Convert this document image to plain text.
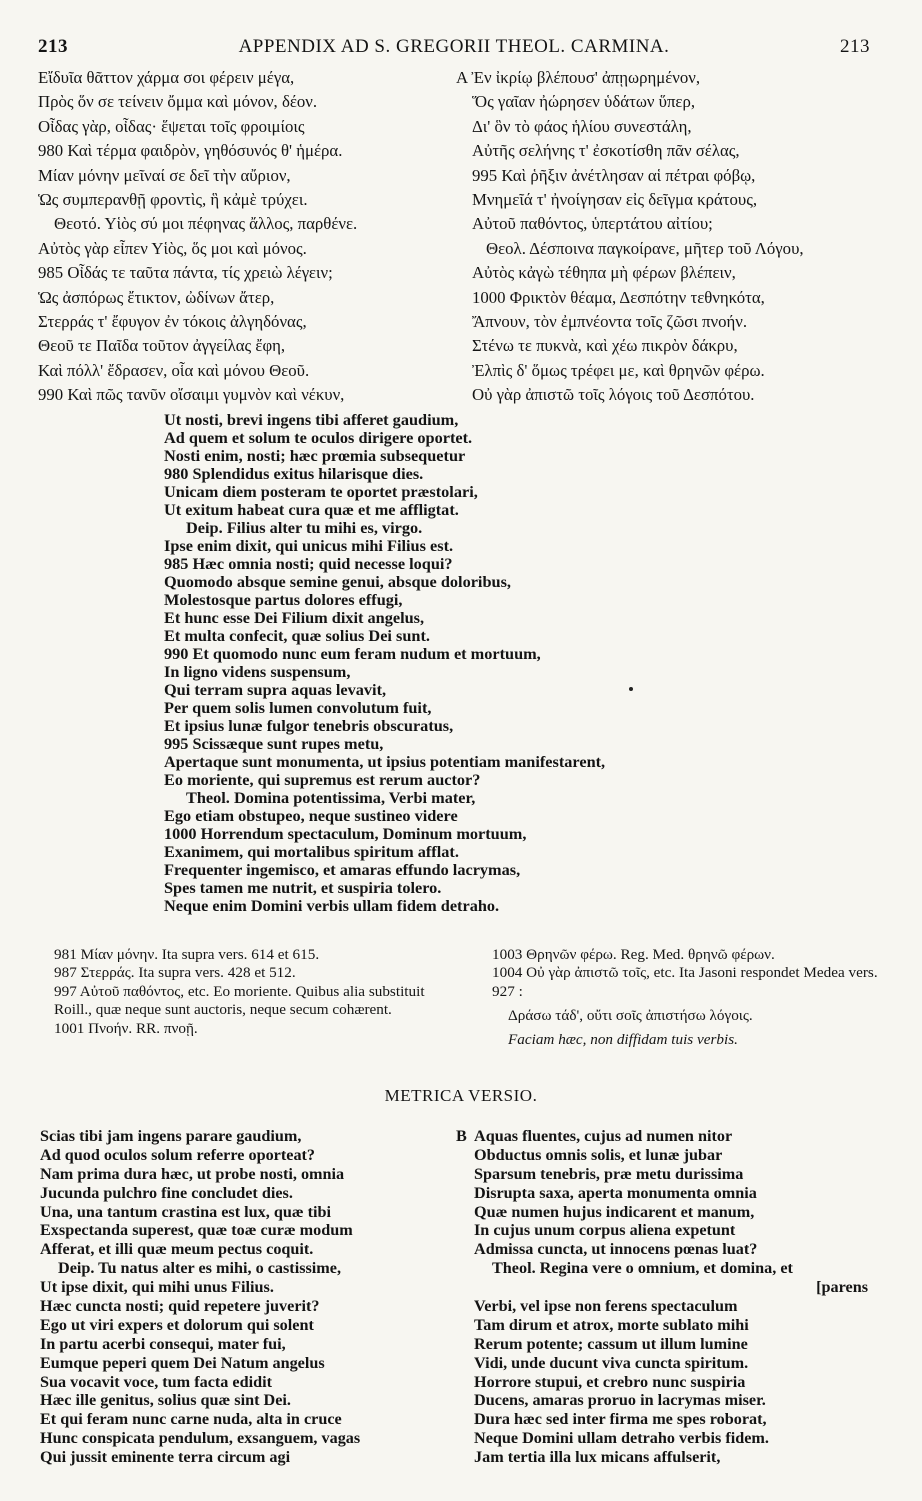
213	APPENDIX AD S. GREGORII THEOL. CARMINA.	213
Εἴδυῖα θᾶττον χάρμα σοι φέρειν μέγα,
Πρὸς ὅν σε τείνειν ὄμμα καὶ μόνον, δέον.
Οἶδας γὰρ, οἶδας· ἕψεται τοῖς φροιμίοις
980 Καὶ τέρμα φαιδρὸν, γηθόσυνός θ' ἡμέρα.
Μίαν μόνην μεῖναί σε δεῖ τὴν αὔριον,
Ὡς συμπερανθῇ φροντὶς, ἣ κἀμὲ τρύχει.
Θεοτό. Υἱὸς σύ μοι πέφηνας ἄλλος, παρθένε.
Αὐτὸς γὰρ εἶπεν Υἱὸς, ὅς μοι καὶ μόνος.
985 Οἶδάς τε ταῦτα πάντα, τίς χρειὼ λέγειν;
Ὡς ἀσπόρως ἔτικτον, ὠδίνων ἄτερ,
Στερράς τ' ἔφυγον ἐν τόκοις ἀλγηδόνας,
Θεοῦ τε Παῖδα τοῦτον ἀγγείλας ἔφη,
Καὶ πόλλ' ἔδρασεν, οἷα καὶ μόνου Θεοῦ.
990 Καὶ πῶς τανῦν οἴσαιμι γυμνὸν καὶ νέκυν,
A Ἐν ἰκρίῳ βλέπουσ' ἀπῃωρημένον,
Ὅς γαῖαν ἠώρησεν ὑδάτων ὕπερ,
Δι' ὃν τὸ φάος ἡλίου συνεστάλη,
Αὐτῆς σελήνης τ' ἐσκοτίσθη πᾶν σέλας,
995 Καὶ ῥῆξιν ἀνέτλησαν αἱ πέτραι φόβῳ,
Μνημεῖά τ' ἠνοίγησαν εἰς δεῖγμα κράτους,
Αὐτοῦ παθόντος, ὑπερτάτου αἰτίου;
Θεολ. Δέσποινα παγκοίρανε, μῆτερ τοῦ Λόγου,
Αὐτὸς κἀγὼ τέθηπα μὴ φέρων βλέπειν,
1000 Φρικτὸν θέαμα, Δεσπότην τεθνηκότα,
Ἄπνουν, τὸν ἐμπνέοντα τοῖς ζῶσι πνοήν.
Στένω τε πυκνὰ, καὶ χέω πικρὸν δάκρυ,
Ἐλπὶς δ' ὅμως τρέφει με, καὶ θρηνῶν φέρω.
Οὐ γὰρ ἀπιστῶ τοῖς λόγοις τοῦ Δεσπότου.
Ut nosti, brevi ingens tibi afferet gaudium,
Ad quem et solum te oculos dirigere oportet.
Nosti enim, nosti; hæc prœmia subsequetur
980 Splendidus exitus hilarisque dies.
Unicam diem posteram te oportet præstolari,
Ut exitum habeat cura quæ et me affligtat.
Deip. Filius alter tu mihi es, virgo.
Ipse enim dixit, qui unicus mihi Filius est.
985 Hæc omnia nosti; quid necesse loqui?
Quomodo absque semine genui, absque doloribus,
Molestosque partus dolores effugi,
Et hunc esse Dei Filium dixit angelus,
Et multa confecit, quæ solius Dei sunt.
990 Et quomodo nunc eum feram nudum et mortuum,
In ligno videns suspensum,
Qui terram supra aquas levavit,
Per quem solis lumen convolutum fuit,
Et ipsius lunæ fulgor tenebris obscuratus,
995 Scissæque sunt rupes metu,
Apertaque sunt monumenta, ut ipsius potentiam manifestarent,
Eo moriente, qui supremus est rerum auctor?
Theol. Domina potentissima, Verbi mater,
Ego etiam obstupeo, neque sustineo videre
1000 Horrendum spectaculum, Dominum mortuum,
Exanimem, qui mortalibus spiritum afflat.
Frequenter ingemisco, et amaras effundo lacrymas,
Spes tamen me nutrit, et suspiria tolero.
Neque enim Domini verbis ullam fidem detraho.
981 Μίαν μόνην. Ita supra vers. 614 et 615.
987 Στερράς. Ita supra vers. 428 et 512.
997 Αὐτοῦ παθόντος, etc. Eo moriente. Quibus alia substituit Roill., quæ neque sunt auctoris, neque secum cohærent.
1001 Πνοήν. RR. πνοῇ.
1003 Θρηνῶν φέρω. Reg. Med. θρηνῶ φέρων.
1004 Οὐ γὰρ ἀπιστῶ τοῖς, etc. Ita Jasoni respondet Medea vers. 927 :
Δράσω τάδ', οὔτι σοῖς ἀπιστήσω λόγοις.
Faciam hæc, non diffidam tuis verbis.
METRICA VERSIO.
Scias tibi jam ingens parare gaudium,
Ad quod oculos solum referre oporteat?
Nam prima dura hæc, ut probe nosti, omnia
Jucunda pulchro fine concludet dies.
Una, una tantum crastina est lux, quæ tibi
Exspectanda superest, quæ toæ curæ modum
Afferat, et illi quæ meum pectus coquit.
Deip. Tu natus alter es mihi, o castissime,
Ut ipse dixit, qui mihi unus Filius.
Hæc cuncta nosti; quid repetere juverit?
Ego ut viri expers et dolorum qui solent
In partu acerbi consequi, mater fui,
Eumque peperi quem Dei Natum angelus
Sua vocavit voce, tum facta edidit
Hæc ille genitus, solius quæ sint Dei.
Et qui feram nunc carne nuda, alta in cruce
Hunc conspicata pendulum, exsanguem, vagas
Qui jussit eminente terra circum agi
B Aquas fluentes, cujus ad numen nitor
Obductus omnis solis, et lunæ jubar
Sparsum tenebris, præ metu durissima
Disrupta saxa, aperta monumenta omnia
Quæ numen hujus indicarent et manum,
In cujus unum corpus aliena expetunt
Admissa cuncta, ut innocens pœnas luat?
Theol. Regina vere o omnium, et domina, et
[parens
Verbi, vel ipse non ferens spectaculum
Tam dirum et atrox, morte sublato mihi
Rerum potente; cassum ut illum lumine
Vidi, unde ducunt viva cuncta spiritum.
Horrore stupui, et crebro nunc suspiria
Ducens, amaras proruo in lacrymas miser.
Dura hæc sed inter firma me spes roborat,
Neque Domini ullam detraho verbis fidem.
Jam tertia illa lux micans affulserit,
